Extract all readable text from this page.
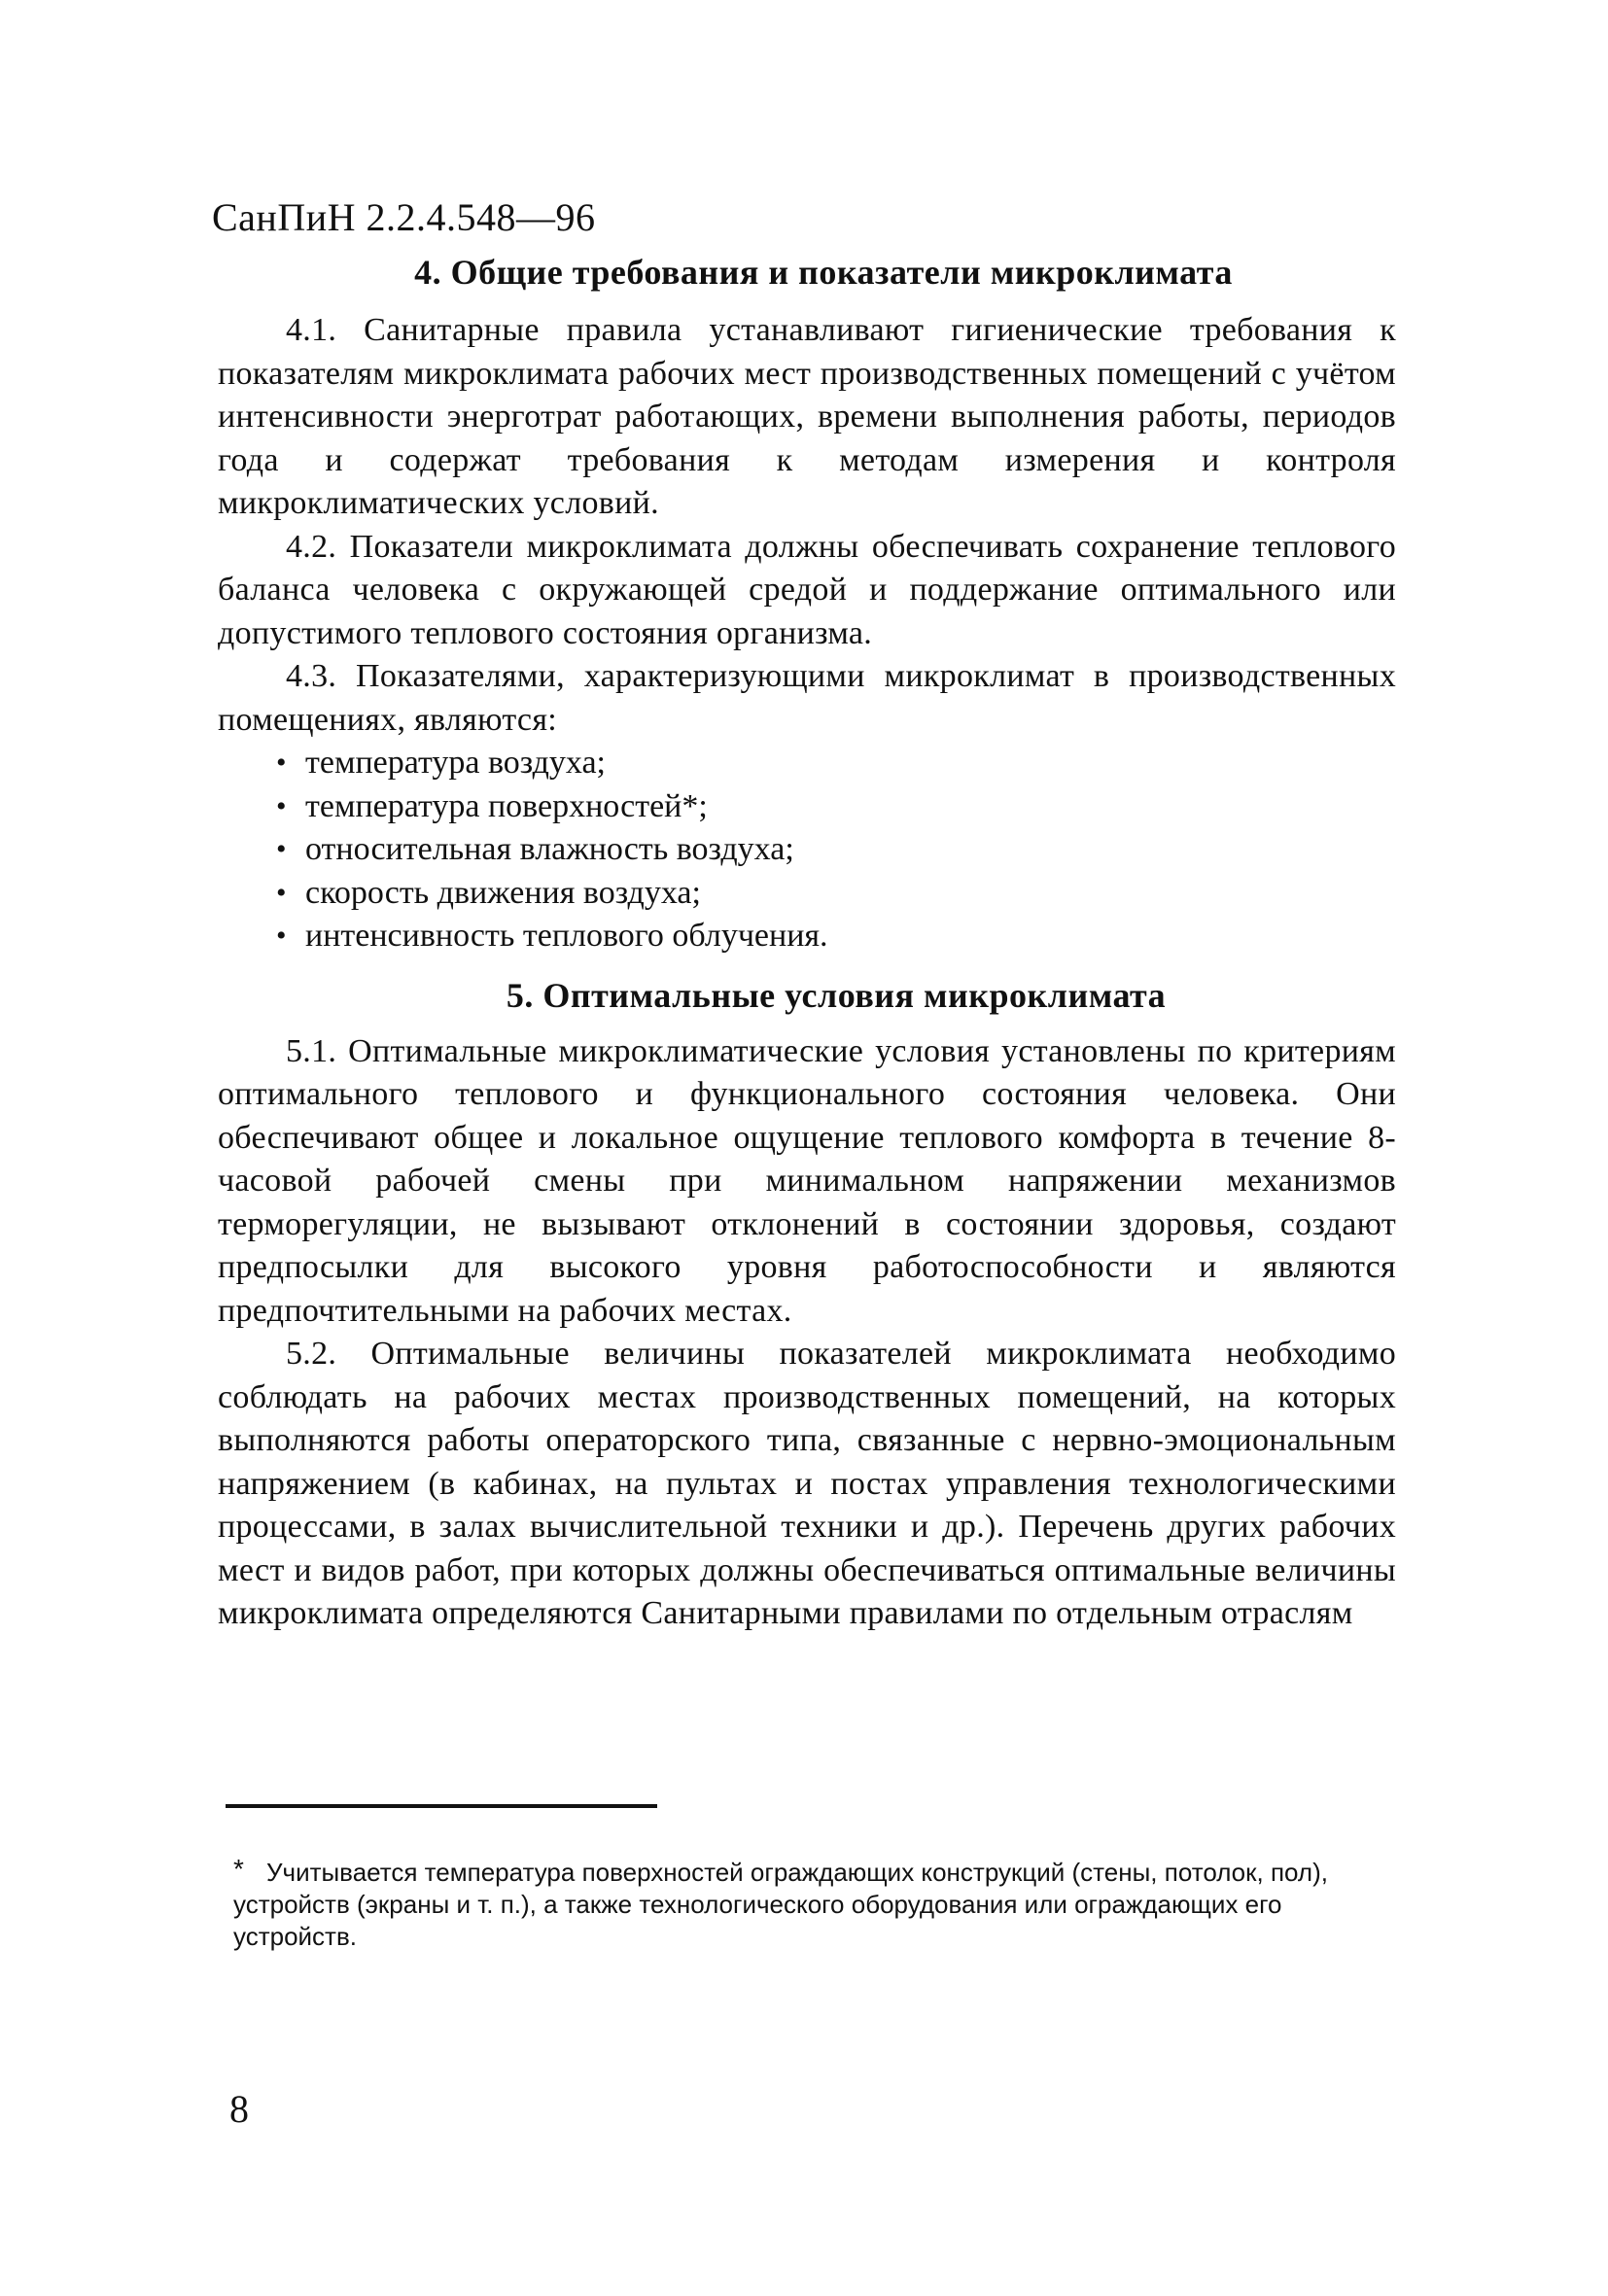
СанПиН 2.2.4.548—96
4. Общие требования и показатели микроклимата

4.1. Санитарные правила устанавливают гигиенические требования к показателям микроклимата рабочих мест производственных помещений с учётом интенсивности энерготрат работающих, времени выполнения работы, периодов года и содержат требования к методам измерения и контроля микроклиматических условий.

4.2. Показатели микроклимата должны обеспечивать сохранение теплового баланса человека с окружающей средой и поддержание оптимального или допустимого теплового состояния организма.

4.3. Показателями, характеризующими микроклимат в производственных помещениях, являются:

• температура воздуха;
• температура поверхностей*;
• относительная влажность воздуха;
• скорость движения воздуха;
• интенсивность теплового облучения.
5. Оптимальные условия микроклимата

5.1. Оптимальные микроклиматические условия установлены по критериям оптимального теплового и функционального состояния человека. Они обеспечивают общее и локальное ощущение теплового комфорта в течение 8-часовой рабочей смены при минимальном напряжении механизмов терморегуляции, не вызывают отклонений в состоянии здоровья, создают предпосылки для высокого уровня работоспособности и являются предпочтительными на рабочих местах.

5.2. Оптимальные величины показателей микроклимата необходимо соблюдать на рабочих местах производственных помещений, на которых выполняются работы операторского типа, связанные с нервно-эмоциональным напряжением (в кабинах, на пультах и постах управления технологическими процессами, в залах вычислительной техники и др.). Перечень других рабочих мест и видов работ, при которых должны обеспечиваться оптимальные величины микроклимата определяются Санитарными правилами по отдельным отраслям

* Учитывается температура поверхностей ограждающих конструкций (стены, потолок, пол), устройств (экраны и т. п.), а также технологического оборудования или ограждающих его устройств.
8
